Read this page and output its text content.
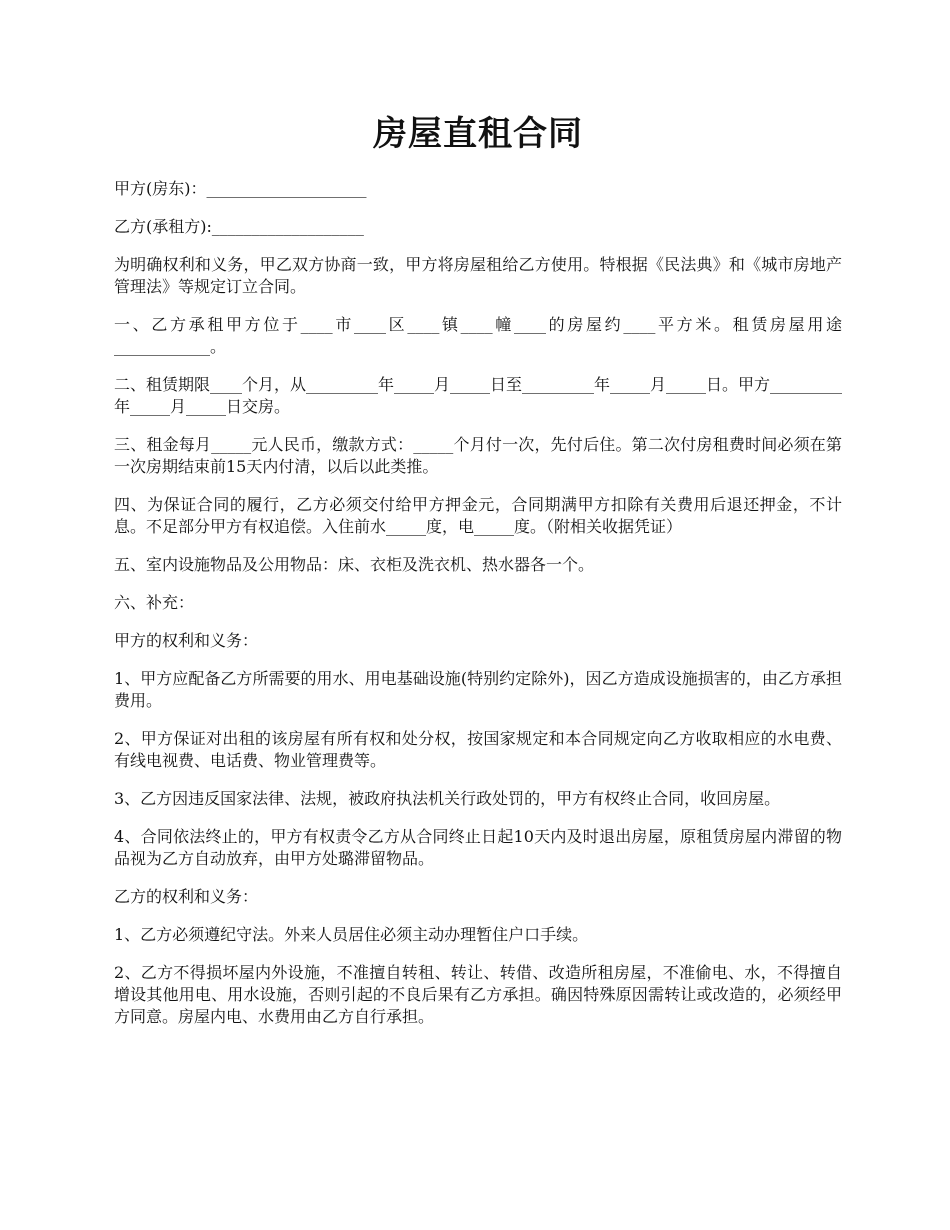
房屋直租合同

甲方(房东)：____________________

乙方(承租方):___________________

为明确权利和义务，甲乙双方协商一致，甲方将房屋租给乙方使用。特根据《民法典》和《城市房地产管理法》等规定订立合同。

一、乙方承租甲方位于____市____区____镇____幢____的房屋约____平方米。租赁房屋用途____________。

二、租赁期限____个月，从_________年_____月_____日至_________年_____月_____日。甲方_________年_____月_____日交房。

三、租金每月_____元人民币，缴款方式：_____个月付一次，先付后住。第二次付房租费时间必须在第一次房期结束前15天内付清，以后以此类推。

四、为保证合同的履行，乙方必须交付给甲方押金元，合同期满甲方扣除有关费用后退还押金，不计息。不足部分甲方有权追偿。入住前水_____度，电_____度。（附相关收据凭证）

五、室内设施物品及公用物品：床、衣柜及洗衣机、热水器各一个。

六、补充：

甲方的权利和义务：

1、甲方应配备乙方所需要的用水、用电基础设施(特别约定除外)，因乙方造成设施损害的，由乙方承担费用。

2、甲方保证对出租的该房屋有所有权和处分权，按国家规定和本合同规定向乙方收取相应的水电费、有线电视费、电话费、物业管理费等。

3、乙方因违反国家法律、法规，被政府执法机关行政处罚的，甲方有权终止合同，收回房屋。

4、合同依法终止的，甲方有权责令乙方从合同终止日起10天内及时退出房屋，原租赁房屋内滞留的物品视为乙方自动放弃，由甲方处璐滞留物品。

乙方的权利和义务：

1、乙方必须遵纪守法。外来人员居住必须主动办理暂住户口手续。

2、乙方不得损坏屋内外设施，不准擅自转租、转让、转借、改造所租房屋，不准偷电、水，不得擅自增设其他用电、用水设施，否则引起的不良后果有乙方承担。确因特殊原因需转让或改造的，必须经甲方同意。房屋内电、水费用由乙方自行承担。
